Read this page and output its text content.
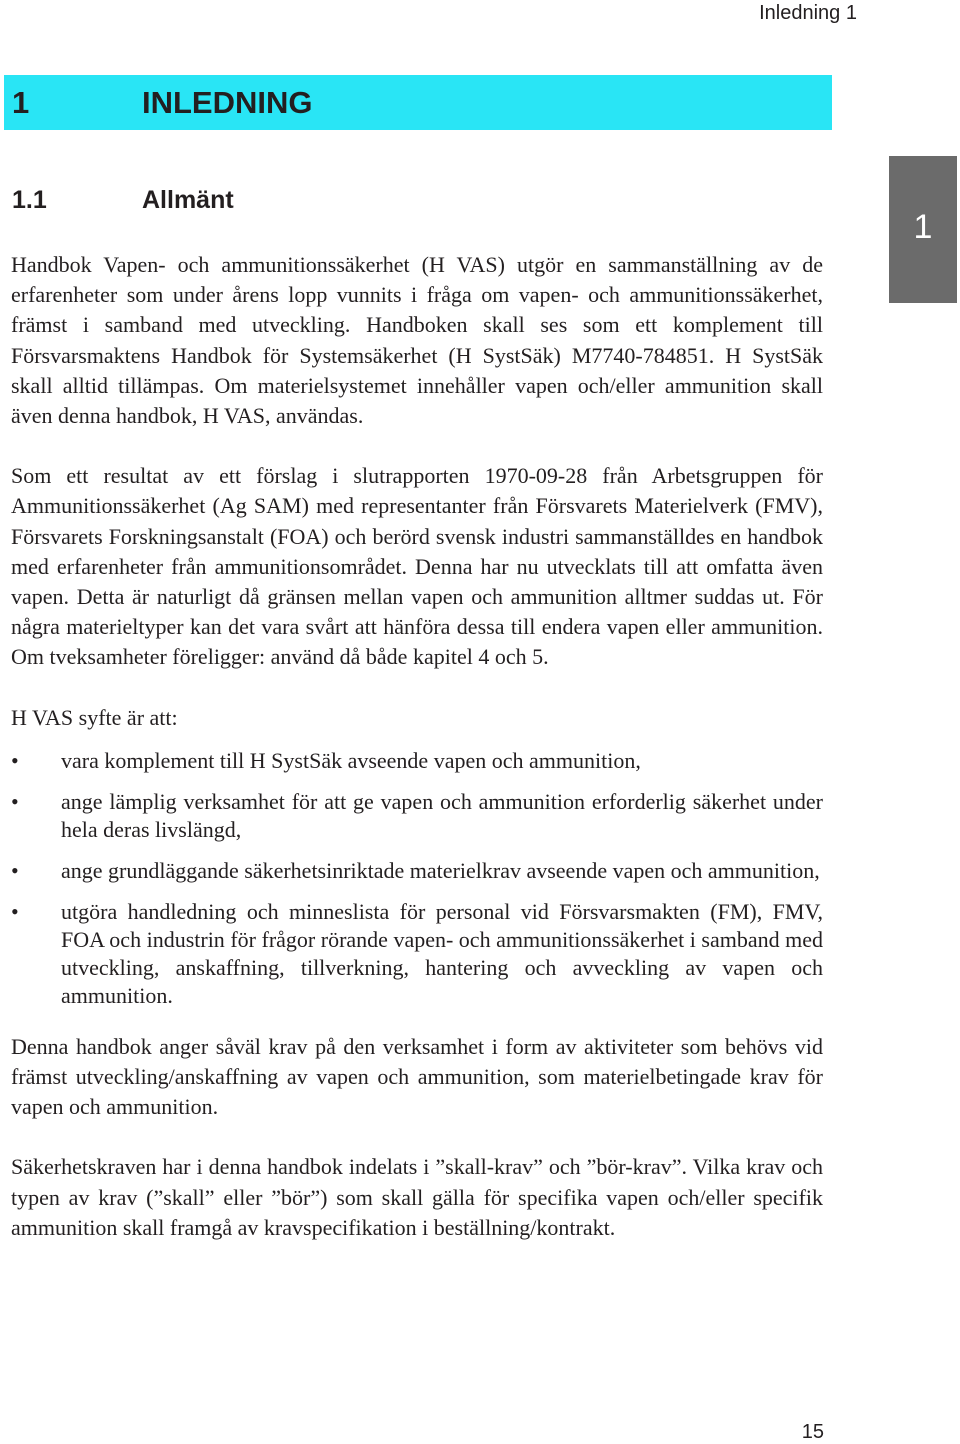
Inledning 1
1	INLEDNING
1.1	Allmänt
1

Handbok Vapen- och ammunitionssäkerhet (H VAS) utgör en sammanställning av de erfarenheter som under årens lopp vunnits i fråga om vapen- och ammunitionssäkerhet, främst i samband med utveckling. Handboken skall ses som ett komplement till Försvarsmaktens Handbok för Systemsäkerhet (H SystSäk) M7740-784851. H SystSäk skall alltid tillämpas. Om materielsystemet innehåller vapen och/eller ammunition skall även denna handbok, H VAS, användas.

Som ett resultat av ett förslag i slutrapporten 1970-09-28 från Arbetsgruppen för Ammunitionssäkerhet (Ag SAM) med representanter från Försvarets Materielverk (FMV), Försvarets Forskningsanstalt (FOA) och berörd svensk industri sammanställdes en handbok med erfarenheter från ammunitionsområdet. Denna har nu utvecklats till att omfatta även vapen. Detta är naturligt då gränsen mellan vapen och ammunition alltmer suddas ut. För några materieltyper kan det vara svårt att hänföra dessa till endera vapen eller ammunition. Om tveksamheter föreligger: använd då både kapitel 4 och 5.

H VAS syfte är att:

• vara komplement till H SystSäk avseende vapen och ammunition,
• ange lämplig verksamhet för att ge vapen och ammunition erforderlig säkerhet under hela deras livslängd,
• ange grundläggande säkerhetsinriktade materielkrav avseende vapen och ammunition,
• utgöra handledning och minneslista för personal vid Försvarsmakten (FM), FMV, FOA och industrin för frågor rörande vapen- och ammunitionssäkerhet i samband med utveckling, anskaffning, tillverkning, hantering och avveckling av vapen och ammunition.

Denna handbok anger såväl krav på den verksamhet i form av aktiviteter som behövs vid främst utveckling/anskaffning av vapen och ammunition, som materielbetingade krav för vapen och ammunition.

Säkerhetskraven har i denna handbok indelats i ”skall-krav” och ”bör-krav”. Vilka krav och typen av krav (”skall” eller ”bör”) som skall gälla för specifika vapen och/eller specifik ammunition skall framgå av kravspecifikation i beställning/kontrakt.

15
